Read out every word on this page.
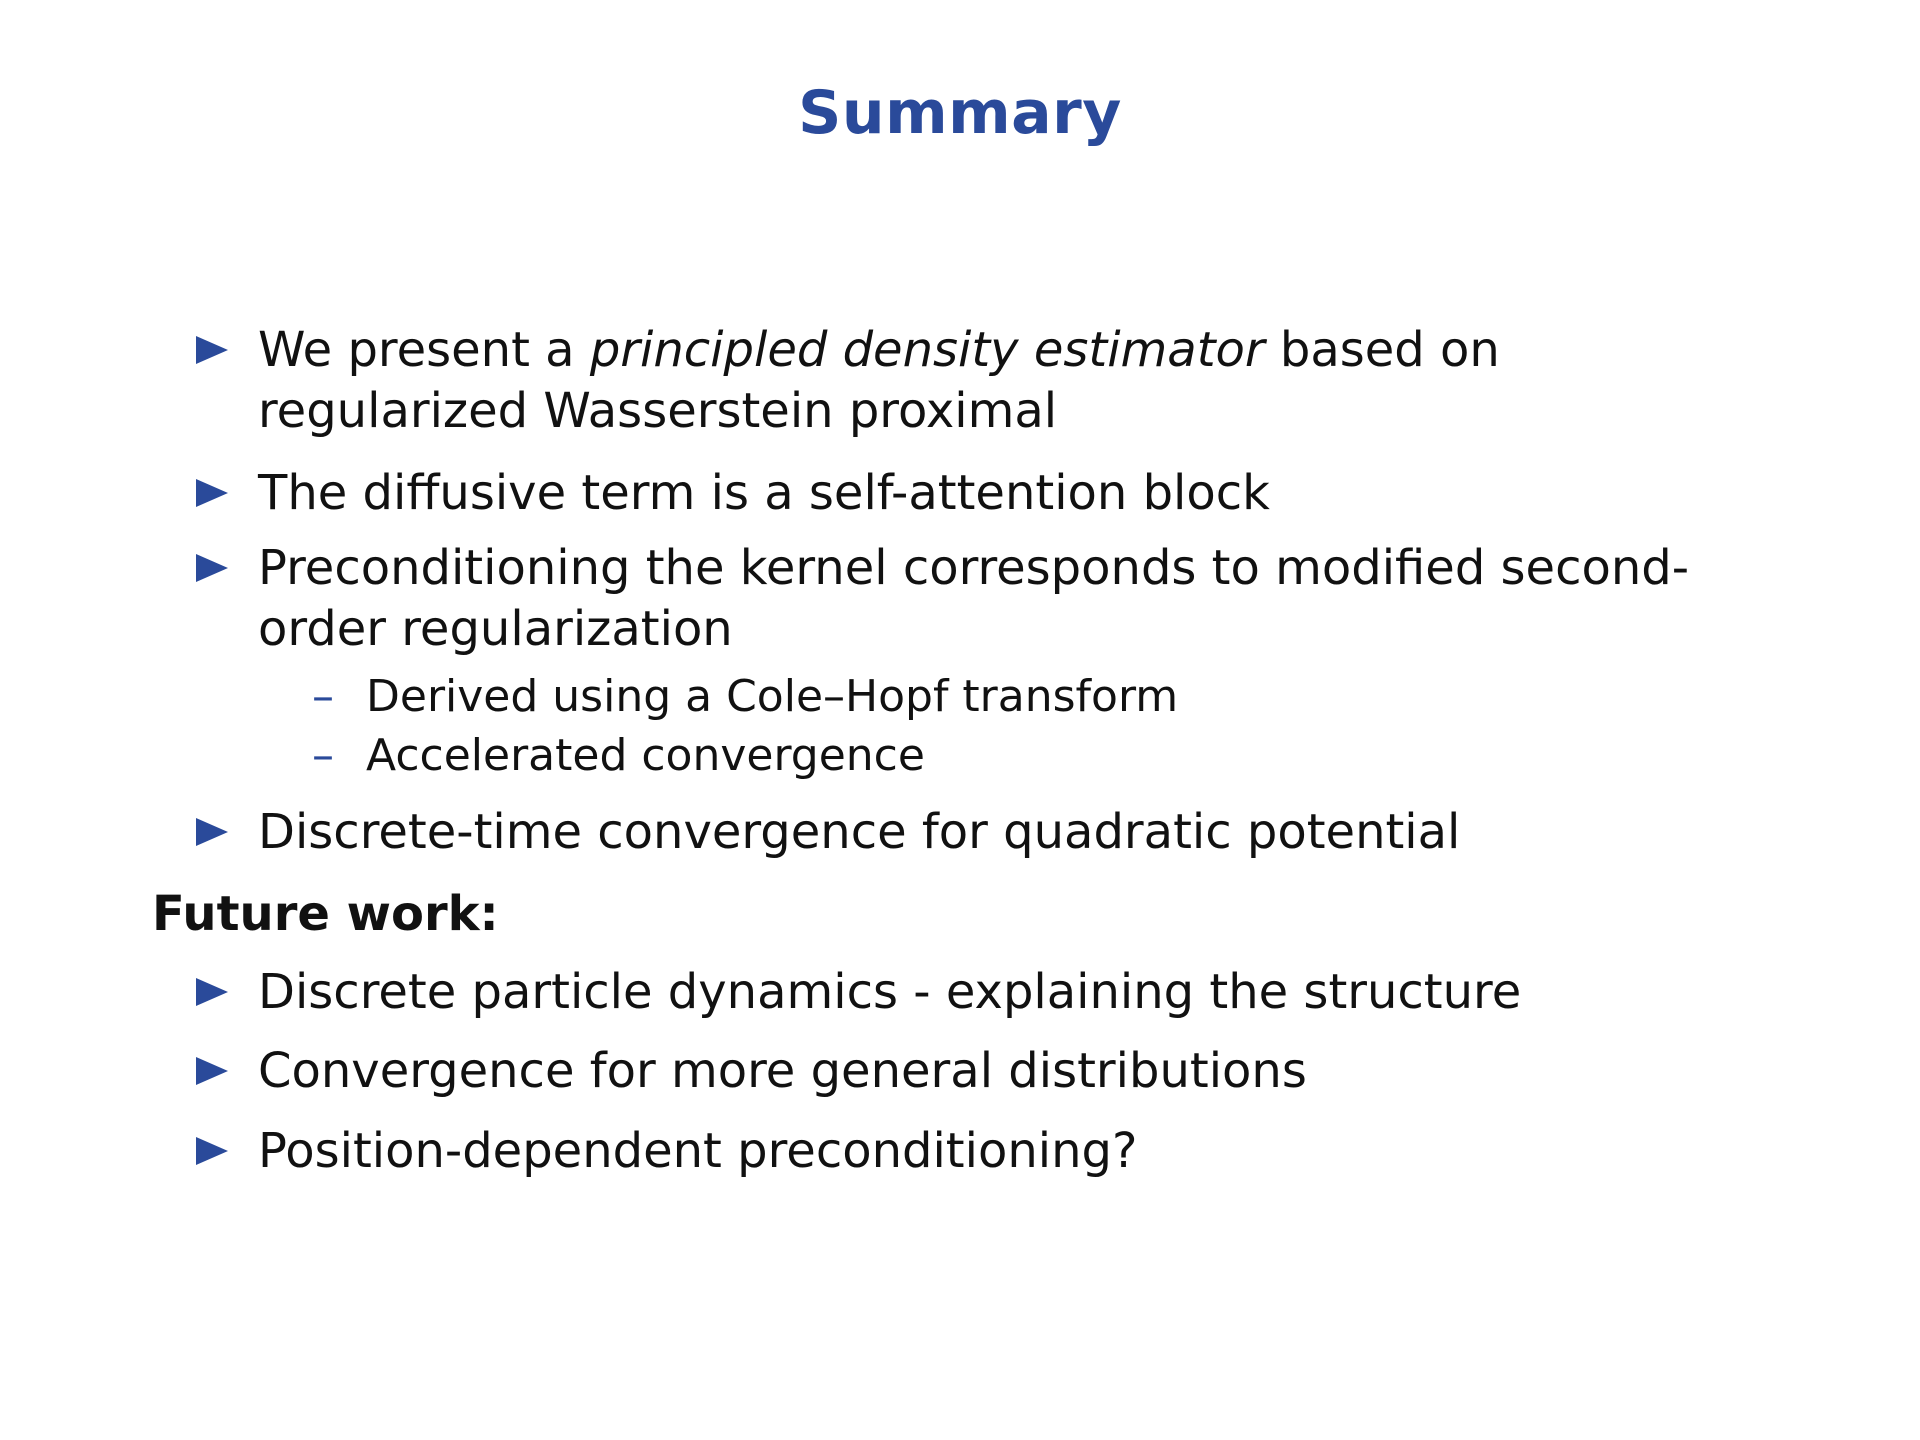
Summary
We present a principled density estimator based on regularized Wasserstein proximal
The diffusive term is a self-attention block
Preconditioning the kernel corresponds to modified second-order regularization
– Derived using a Cole–Hopf transform
– Accelerated convergence
Discrete-time convergence for quadratic potential
Future work:
Discrete particle dynamics - explaining the structure
Convergence for more general distributions
Position-dependent preconditioning?
